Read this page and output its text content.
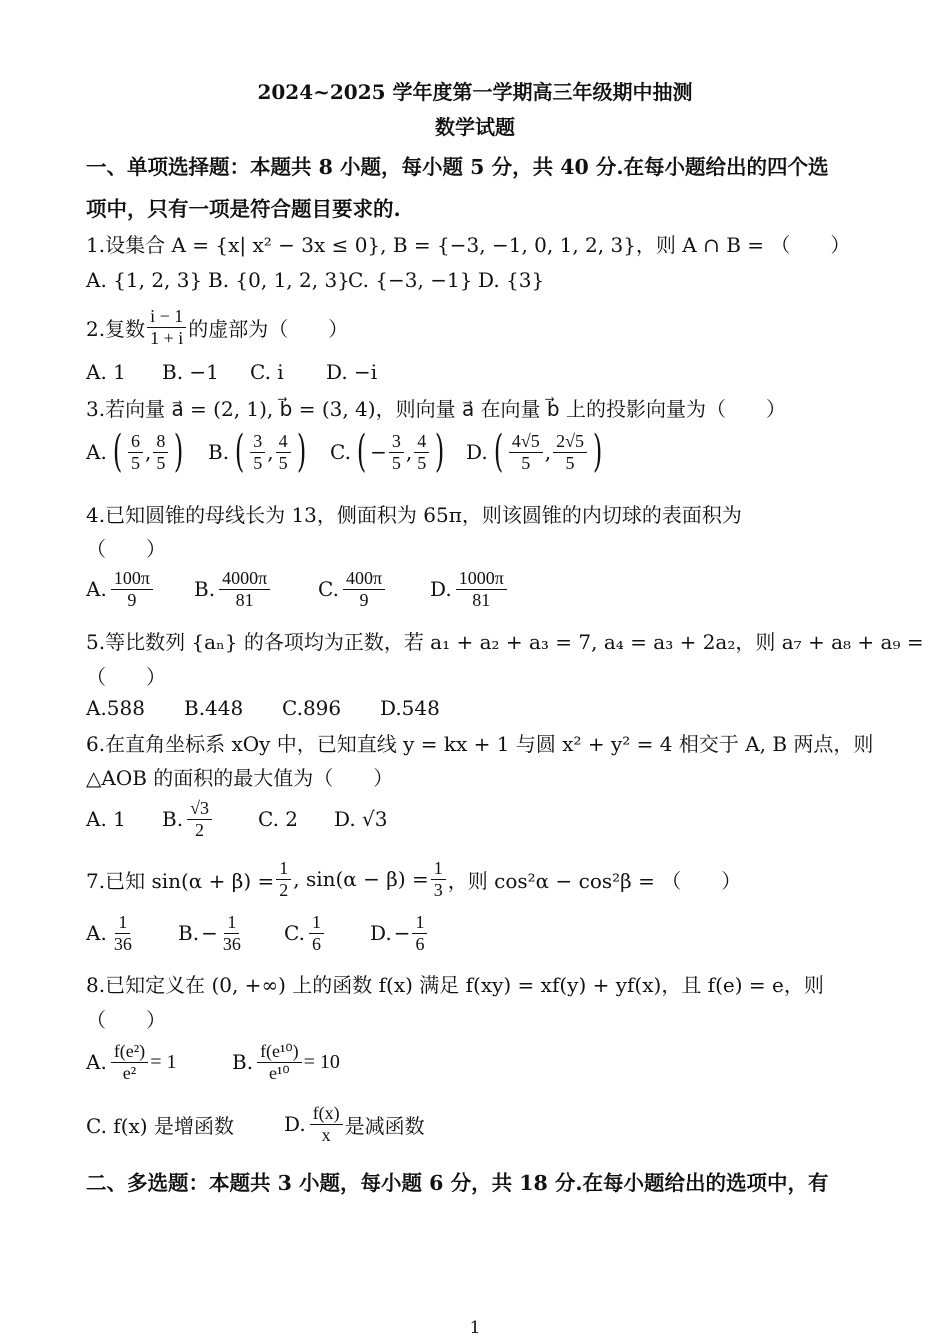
2024~2025 学年度第一学期高三年级期中抽测
数学试题
一、单项选择题：本题共 8 小题，每小题 5 分，共 40 分.在每小题给出的四个选
项中，只有一项是符合题目要求的.
1.设集合 A = {x| x² − 3x ≤ 0}, B = {−3, −1, 0, 1, 2, 3}，则 A ∩ B = （　　）
A. {1, 2, 3} B. {0, 1, 2, 3}
C. {−3, −1} D. {3}
2.复数 $\frac{i - 1}{1 + i}$ 的虚部为（　　）
A. 1	B. −1	C. i	D. −i
3.若向量 a⃗ = (2, 1), b⃗ = (3, 4)，则向量 a⃗ 在向量 b⃗ 上的投影向量为（　　）
A. ( $\frac{6}{5}$ , $\frac{8}{5}$ ) B. ( $\frac{3}{5}$ , $\frac{4}{5}$ ) C. ( − $\frac{3}{5}$ , $\frac{4}{5}$ ) D. ( $\frac{4√5}{5}$ , $\frac{2√5}{5}$ )
4.已知圆锥的母线长为 13，侧面积为 65π，则该圆锥的内切球的表面积为
（　　）
A. $\frac{100\pi}{9} B$. $\frac{4000\pi}{81} C$. $\frac{400\pi}{9} D$. $\frac{1000\pi}{81}$
5.等比数列 {aₙ} 的各项均为正数，若 a₁ + a₂ + a₃ = 7, a₄ = a₃ + 2a₂，则 a₇ + a₈ + a₉ =
（　　）
A.588	B.448	C.896	D.548
6.在直角坐标系 xOy 中，已知直线 y = kx + 1 与圆 x² + y² = 4 相交于 A, B 两点，则
△AOB 的面积的最大值为（　　）
A. 1	B. $\frac{√3}{2} C$. 2	D. √3
7.已知 $\sin(\alpha + \beta) = \frac{1}{2}$ , $\sin(\alpha - \beta) = \frac{1}{3}$ ，则 cos²α − cos²β = （　　）
A. $\frac{1}{36} B$. − $\frac{1}{36} C$. $\frac{1}{6} D$. − $\frac{1}{6}$
8.已知定义在 (0, +∞) 上的函数 f(x) 满足 f(xy) = xf(y) + yf(x)，且 f(e) = e，则
（　　）
A. $\frac{\text{f(e²)}}{\text{e²}} = 1$	B. $\frac{\text{f(e¹⁰)}}{\text{e¹⁰}} = 10$
C. f(x) 是增函数	D. $\frac{f(x)}{x}$ 是减函数
二、多选题：本题共 3 小题，每小题 6 分，共 18 分.在每小题给出的选项中，有
1
